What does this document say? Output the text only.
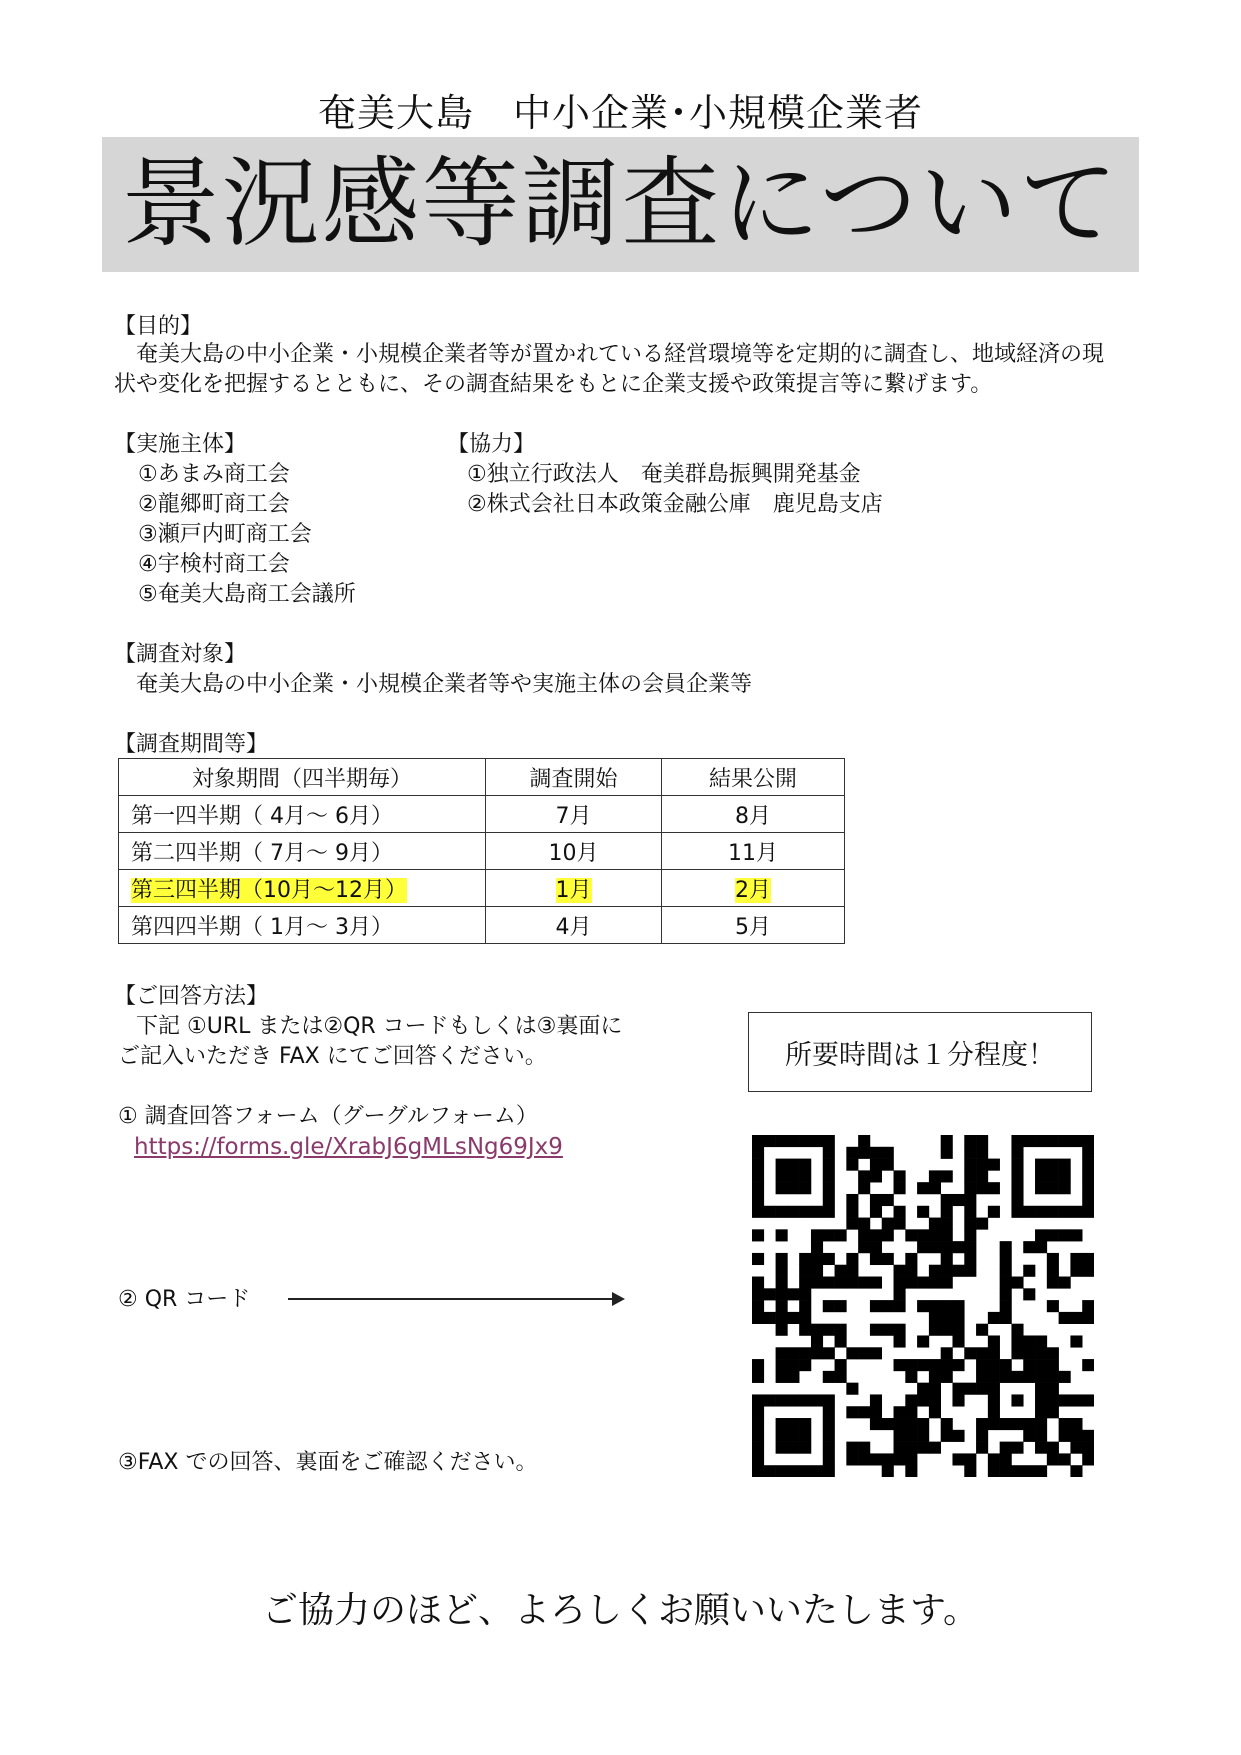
奄美大島　中小企業･小規模企業者
景況感等調査について
【目的】
　奄美大島の中小企業・小規模企業者等が置かれている経営環境等を定期的に調査し、地域経済の現
状や変化を把握するとともに、その調査結果をもとに企業支援や政策提言等に繋げます。
【実施主体】
①あまみ商工会
②龍郷町商工会
③瀬戸内町商工会
④宇検村商工会
⑤奄美大島商工会議所
【協力】
①独立行政法人　奄美群島振興開発基金
②株式会社日本政策金融公庫　鹿児島支店
【調査対象】
　奄美大島の中小企業・小規模企業者等や実施主体の会員企業等
【調査期間等】
対象期間（四半期毎）	調査開始	結果公開
第一四半期（ 4月～ 6月）	7月	8月
第二四半期（ 7月～ 9月）	10月	11月
第三四半期（10月～12月）	1月	2月
第四四半期（ 1月～ 3月）	4月	5月
【ご回答方法】
　下記 ①URL または②QR コードもしくは③裏面に
ご記入いただき FAX にてご回答ください。	所要時間は１分程度！
① 調査回答フォーム（グーグルフォーム）
https://forms.gle/XrabJ6gMLsNg69Jx9
② QR コード
③FAX での回答、裏面をご確認ください。
ご協力のほど、よろしくお願いいたします。
